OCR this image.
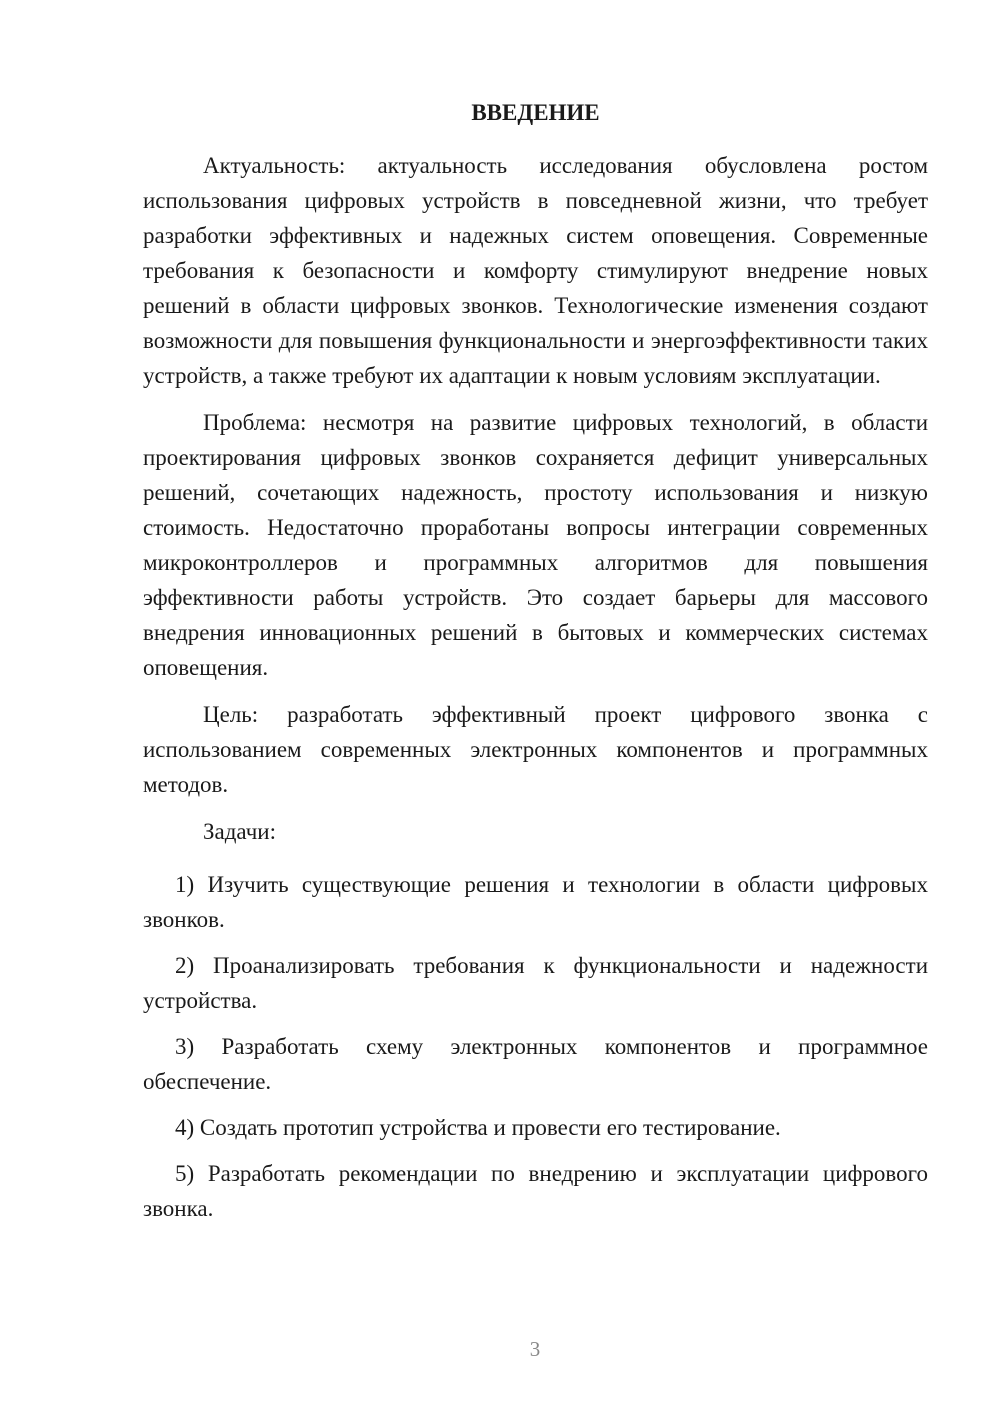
ВВЕДЕНИЕ

Актуальность: актуальность исследования обусловлена ростом использования цифровых устройств в повседневной жизни, что требует разработки эффективных и надежных систем оповещения. Современные требования к безопасности и комфорту стимулируют внедрение новых решений в области цифровых звонков. Технологические изменения создают возможности для повышения функциональности и энергоэффективности таких устройств, а также требуют их адаптации к новым условиям эксплуатации.

Проблема: несмотря на развитие цифровых технологий, в области проектирования цифровых звонков сохраняется дефицит универсальных решений, сочетающих надежность, простоту использования и низкую стоимость. Недостаточно проработаны вопросы интеграции современных микроконтроллеров и программных алгоритмов для повышения эффективности работы устройств. Это создает барьеры для массового внедрения инновационных решений в бытовых и коммерческих системах оповещения.

Цель: разработать эффективный проект цифрового звонка с использованием современных электронных компонентов и программных методов.

Задачи:

1) Изучить существующие решения и технологии в области цифровых звонков.

2) Проанализировать требования к функциональности и надежности устройства.

3) Разработать схему электронных компонентов и программное обеспечение.

4) Создать прототип устройства и провести его тестирование.

5) Разработать рекомендации по внедрению и эксплуатации цифрового звонка.

3
